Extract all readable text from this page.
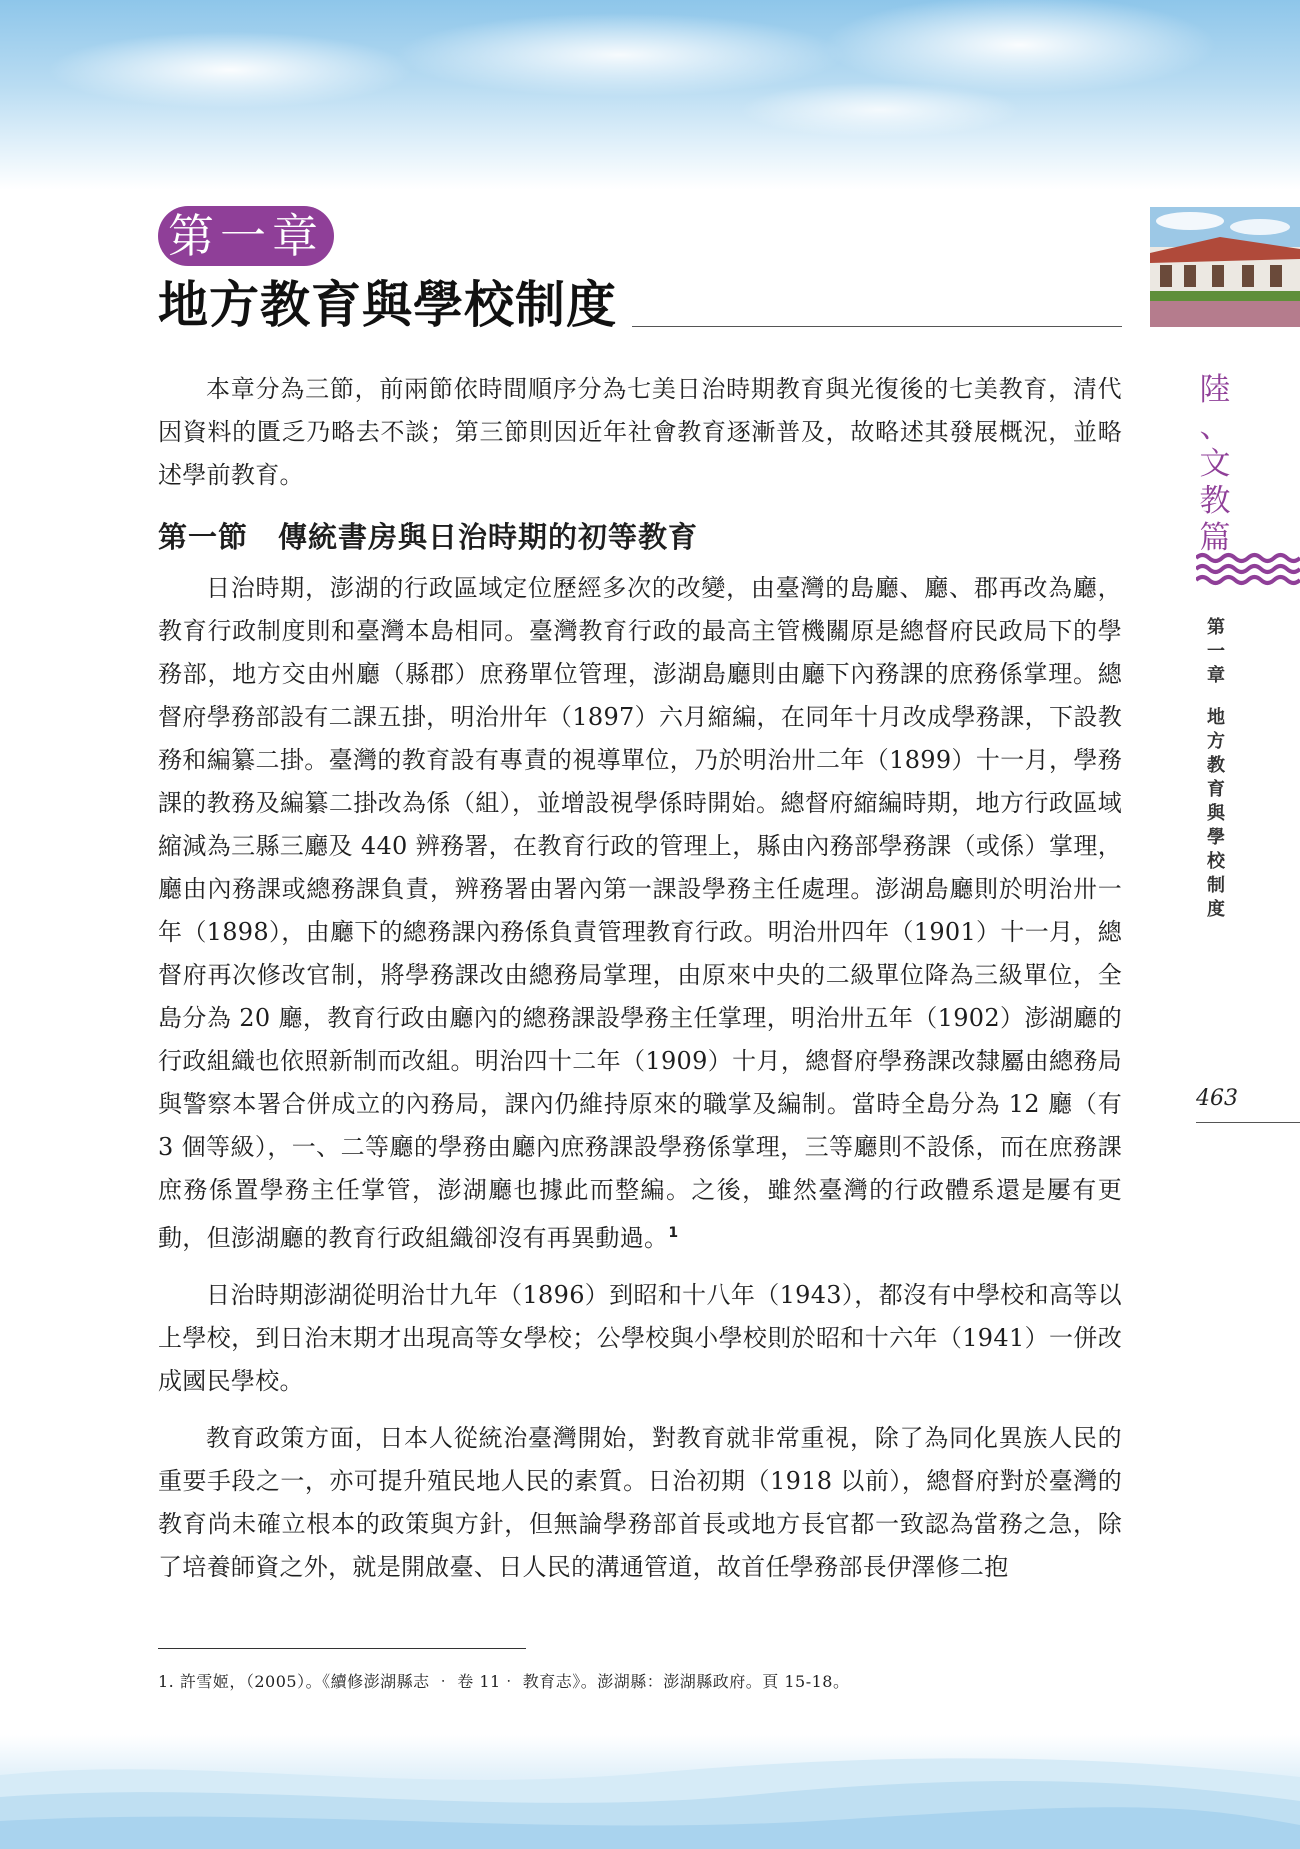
第一章
地方教育與學校制度

本章分為三節，前兩節依時間順序分為七美日治時期教育與光復後的七美教育，清代因資料的匱乏乃略去不談；第三節則因近年社會教育逐漸普及，故略述其發展概況，並略述學前教育。

第一節　傳統書房與日治時期的初等教育

日治時期，澎湖的行政區域定位歷經多次的改變，由臺灣的島廳、廳、郡再改為廳，教育行政制度則和臺灣本島相同。臺灣教育行政的最高主管機關原是總督府民政局下的學務部，地方交由州廳（縣郡）庶務單位管理，澎湖島廳則由廳下內務課的庶務係掌理。總督府學務部設有二課五掛，明治卅年（1897）六月縮編，在同年十月改成學務課，下設教務和編纂二掛。臺灣的教育設有專責的視導單位，乃於明治卅二年（1899）十一月，學務課的教務及編纂二掛改為係（組），並增設視學係時開始。總督府縮編時期，地方行政區域縮減為三縣三廳及 440 辨務署，在教育行政的管理上，縣由內務部學務課（或係）掌理，廳由內務課或總務課負責，辨務署由署內第一課設學務主任處理。澎湖島廳則於明治卅一年（1898），由廳下的總務課內務係負責管理教育行政。明治卅四年（1901）十一月，總督府再次修改官制，將學務課改由總務局掌理，由原來中央的二級單位降為三級單位，全島分為 20 廳，教育行政由廳內的總務課設學務主任掌理，明治卅五年（1902）澎湖廳的行政組織也依照新制而改組。明治四十二年（1909）十月，總督府學務課改隸屬由總務局與警察本署合併成立的內務局，課內仍維持原來的職掌及編制。當時全島分為 12 廳（有 3 個等級），一、二等廳的學務由廳內庶務課設學務係掌理，三等廳則不設係，而在庶務課庶務係置學務主任掌管，澎湖廳也據此而整編。之後，雖然臺灣的行政體系還是屢有更動，但澎湖廳的教育行政組織卻沒有再異動過。$^1$

日治時期澎湖從明治廿九年（1896）到昭和十八年（1943），都沒有中學校和高等以上學校，到日治末期才出現高等女學校；公學校與小學校則於昭和十六年（1941）一併改成國民學校。

教育政策方面，日本人從統治臺灣開始，對教育就非常重視，除了為同化異族人民的重要手段之一，亦可提升殖民地人民的素質。日治初期（1918 以前），總督府對於臺灣的教育尚未確立根本的政策與方針，但無論學務部首長或地方長官都一致認為當務之急，除了培養師資之外，就是開啟臺、日人民的溝通管道，故首任學務部長伊澤修二抱

1. 許雪姬，（2005）。《續修澎湖縣志 ‧ 卷 11‧ 教育志》。澎湖縣：澎湖縣政府。頁 15-18。

陸
、
文
教
篇
第
一
章
地
方
教
育
與
學
校
制
度

463
